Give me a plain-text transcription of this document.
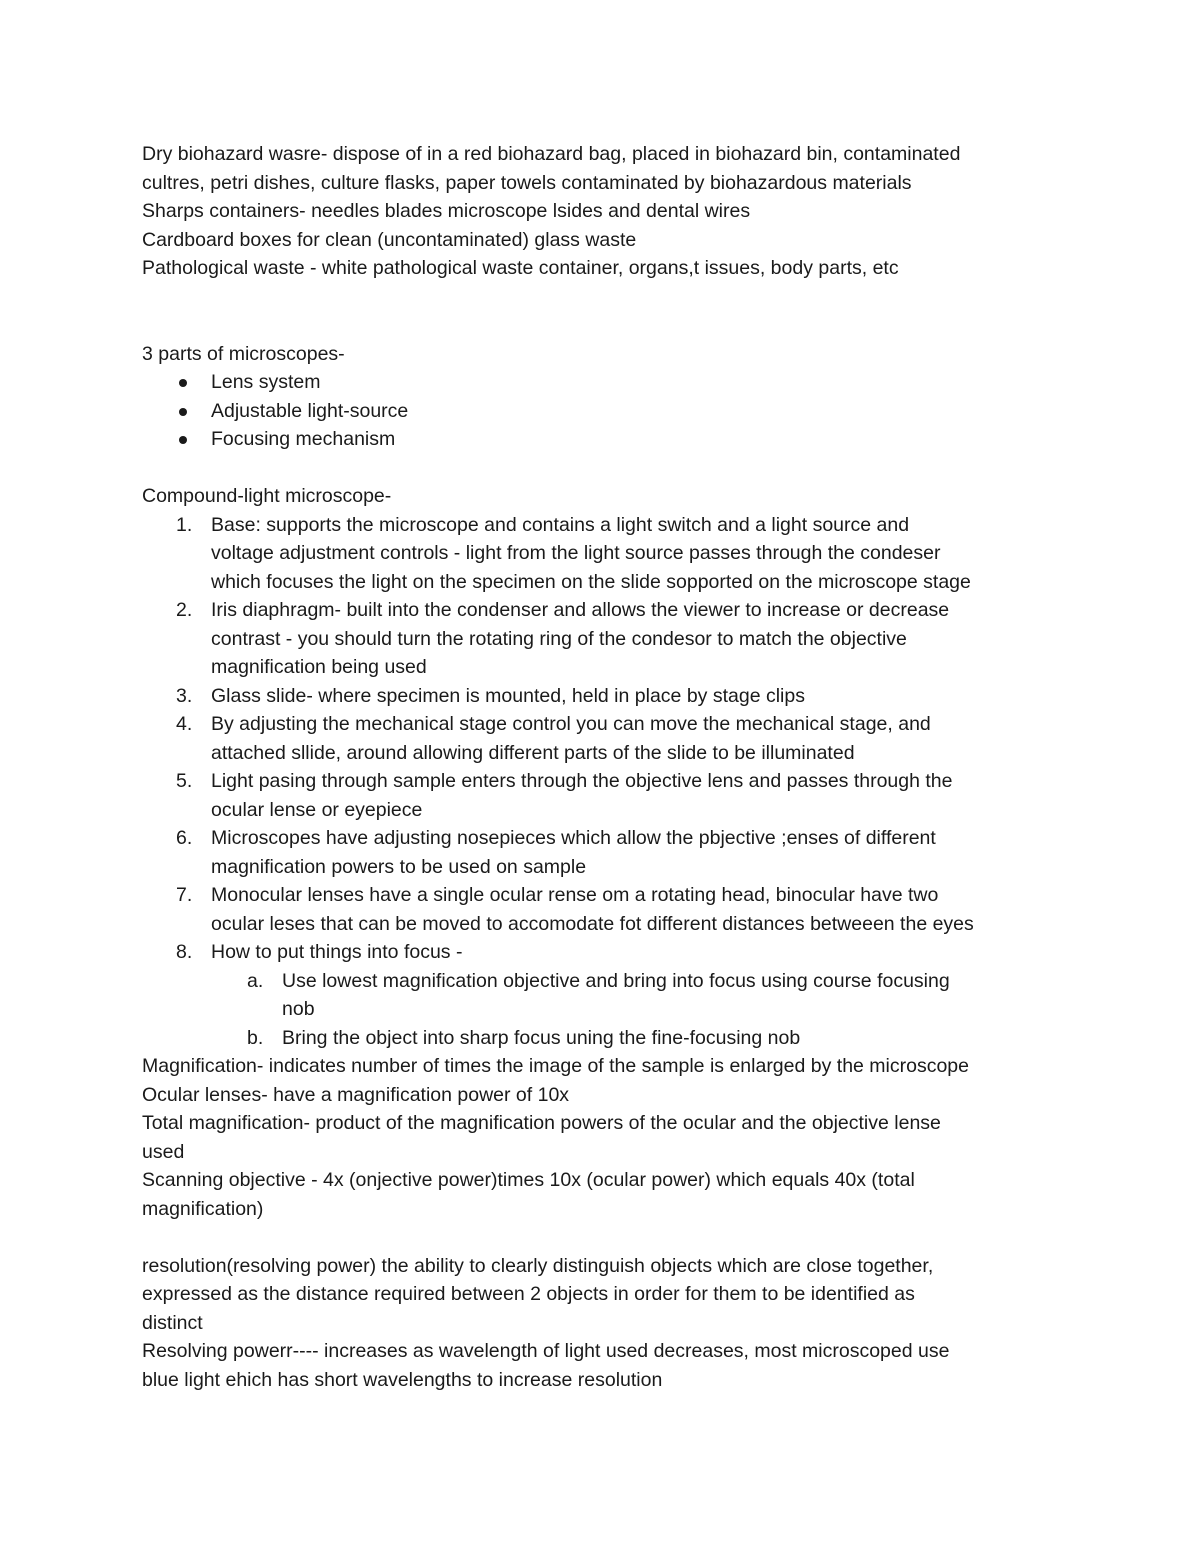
Dry biohazard wasre- dispose of in a red biohazard bag, placed in biohazard bin, contaminated
cultres, petri dishes, culture flasks, paper towels contaminated by biohazardous materials

Sharps containers- needles blades microscope lsides and dental wires

Cardboard boxes for clean (uncontaminated) glass waste

Pathological waste - white pathological waste container, organs,t issues, body parts, etc

3 parts of microscopes-

Lens system
Adjustable light-source
Focusing mechanism

Compound-light microscope-

1. Base: supports the microscope and contains a light switch and a light source and
voltage adjustment controls - light from the light source passes through the condeser
which focuses the light on the specimen on the slide sopported on the microscope stage
2. Iris diaphragm- built into the condenser and allows the viewer to increase or decrease
contrast - you should turn the rotating ring of the condesor to match the objective
magnification being used
3. Glass slide- where specimen is mounted, held in place by stage clips
4. By adjusting the mechanical stage control you can move the mechanical stage, and
attached sllide, around allowing different parts of the slide to be illuminated
5. Light pasing through sample enters through the objective lens and passes through the
ocular lense or eyepiece
6. Microscopes have adjusting nosepieces which allow the pbjective ;enses of different
magnification powers to be used on sample
7. Monocular lenses have a single ocular rense om a rotating head, binocular have two
ocular leses that can be moved to accomodate fot different distances betweeen the eyes
8. How to put things into focus -
a. Use lowest magnification objective and bring into focus using course focusing
nob
b. Bring the object into sharp focus uning the fine-focusing nob

Magnification- indicates number of times the image of the sample is enlarged by the microscope

Ocular lenses- have a magnification power of 10x

Total magnification- product of the magnification powers of the ocular and the objective lense
used

Scanning objective - 4x (onjective power)times 10x (ocular power) which equals 40x (total
magnification)

resolution(resolving power) the ability to clearly distinguish objects which are close together,
expressed as the distance required between 2 objects in order for them to be identified as
distinct

Resolving powerr---- increases as wavelength of light used decreases, most microscoped use
blue light ehich has short wavelengths to increase resolution
